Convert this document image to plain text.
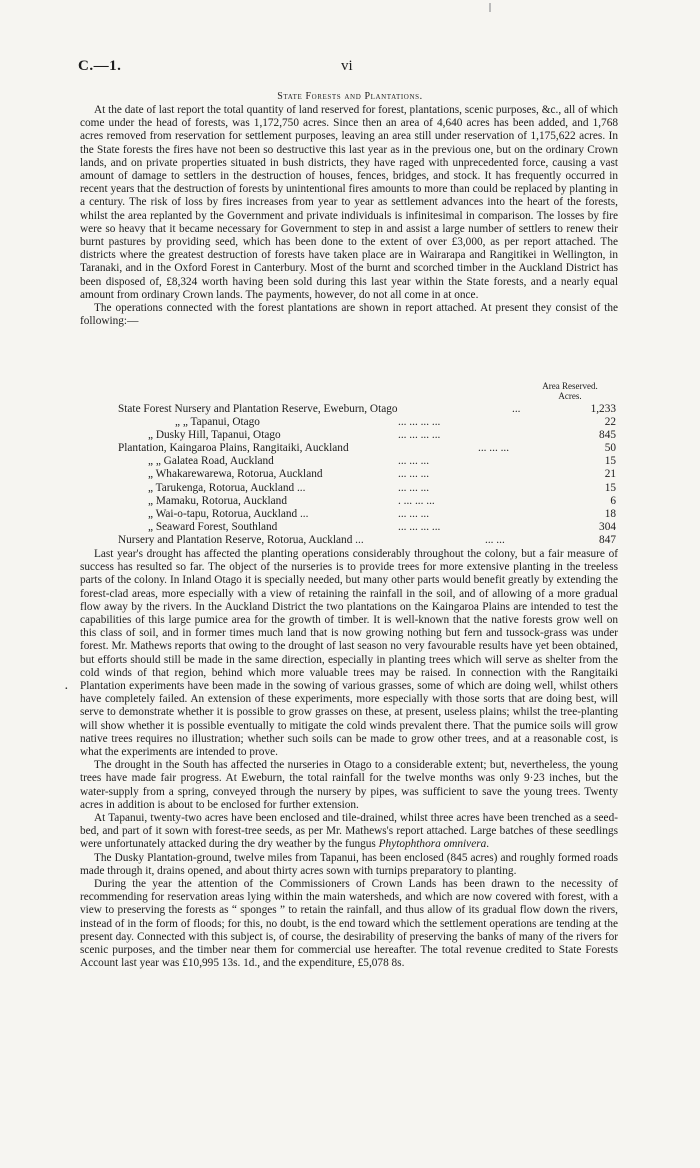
C.—1.	vi
State Forests and Plantations.

At the date of last report the total quantity of land reserved for forest, plantations, scenic purposes, &c., all of which come under the head of forests, was 1,172,750 acres. Since then an area of 4,640 acres has been added, and 1,768 acres removed from reservation for settlement purposes, leaving an area still under reservation of 1,175,622 acres. In the State forests the fires have not been so destructive this last year as in the previous one, but on the ordinary Crown lands, and on private properties situated in bush districts, they have raged with unprecedented force, causing a vast amount of damage to settlers in the destruction of houses, fences, bridges, and stock. It has frequently occurred in recent years that the destruction of forests by unintentional fires amounts to more than could be replaced by planting in a century. The risk of loss by fires increases from year to year as settlement advances into the heart of the forests, whilst the area replanted by the Government and private individuals is infinitesimal in comparison. The losses by fire were so heavy that it became necessary for Government to step in and assist a large number of settlers to renew their burnt pastures by providing seed, which has been done to the extent of over £3,000, as per report attached. The districts where the greatest destruction of forests have taken place are in Wairarapa and Rangitikei in Wellington, in Taranaki, and in the Oxford Forest in Canterbury. Most of the burnt and scorched timber in the Auckland District has been disposed of, £8,324 worth having been sold during this last year within the State forests, and a nearly equal amount from ordinary Crown lands. The payments, however, do not all come in at once.

The operations connected with the forest plantations are shown in report attached. At present they consist of the following:—

Area Reserved.
Acres.
State Forest Nursery and Plantation Reserve, Eweburn, Otago	...	1,233
„ „ Tapanui, Otago	... ... ... ...	22
„ Dusky Hill, Tapanui, Otago	... ... ... ...	845
Plantation, Kaingaroa Plains, Rangitaiki, Auckland	... ... ...	50
„ „ Galatea Road, Auckland	... ... ...	15
„ Whakarewarewa, Rotorua, Auckland	... ... ...	21
„ Tarukenga, Rotorua, Auckland ...	... ... ...	15
„ Mamaku, Rotorua, Auckland	. ... ... ...	6
„ Wai-o-tapu, Rotorua, Auckland ...	... ... ...	18
„ Seaward Forest, Southland	... ... ... ...	304
Nursery and Plantation Reserve, Rotorua, Auckland ...	... ...	847
·

Last year's drought has affected the planting operations considerably throughout the colony, but a fair measure of success has resulted so far. The object of the nurseries is to provide trees for more extensive planting in the treeless parts of the colony. In Inland Otago it is specially needed, but many other parts would benefit greatly by extending the forest-clad areas, more especially with a view of retaining the rainfall in the soil, and of allowing of a more gradual flow away by the rivers. In the Auckland District the two plantations on the Kaingaroa Plains are intended to test the capabilities of this large pumice area for the growth of timber. It is well-known that the native forests grow well on this class of soil, and in former times much land that is now growing nothing but fern and tussock-grass was under forest. Mr. Mathews reports that owing to the drought of last season no very favourable results have yet been obtained, but efforts should still be made in the same direction, especially in planting trees which will serve as shelter from the cold winds of that region, behind which more valuable trees may be raised. In connection with the Rangitaiki Plantation experiments have been made in the sowing of various grasses, some of which are doing well, whilst others have completely failed. An extension of these experiments, more especially with those sorts that are doing best, will serve to demonstrate whether it is possible to grow grasses on these, at present, useless plains; whilst the tree-planting will show whether it is possible eventually to mitigate the cold winds prevalent there. That the pumice soils will grow native trees requires no illustration; whether such soils can be made to grow other trees, and at a reasonable cost, is what the experiments are intended to prove.

The drought in the South has affected the nurseries in Otago to a considerable extent; but, nevertheless, the young trees have made fair progress. At Eweburn, the total rainfall for the twelve months was only 9·23 inches, but the water-supply from a spring, conveyed through the nursery by pipes, was sufficient to save the young trees. Twenty acres in addition is about to be enclosed for further extension.

At Tapanui, twenty-two acres have been enclosed and tile-drained, whilst three acres have been trenched as a seed-bed, and part of it sown with forest-tree seeds, as per Mr. Mathews's report attached. Large batches of these seedlings were unfortunately attacked during the dry weather by the fungus Phytophthora omnivera.

The Dusky Plantation-ground, twelve miles from Tapanui, has been enclosed (845 acres) and roughly formed roads made through it, drains opened, and about thirty acres sown with turnips preparatory to planting.

During the year the attention of the Commissioners of Crown Lands has been drawn to the necessity of recommending for reservation areas lying within the main watersheds, and which are now covered with forest, with a view to preserving the forests as “ sponges ” to retain the rainfall, and thus allow of its gradual flow down the rivers, instead of in the form of floods; for this, no doubt, is the end toward which the settlement operations are tending at the present day. Connected with this subject is, of course, the desirability of preserving the banks of many of the rivers for scenic purposes, and the timber near them for commercial use hereafter. The total revenue credited to State Forests Account last year was £10,995 13s. 1d., and the expenditure, £5,078 8s.
